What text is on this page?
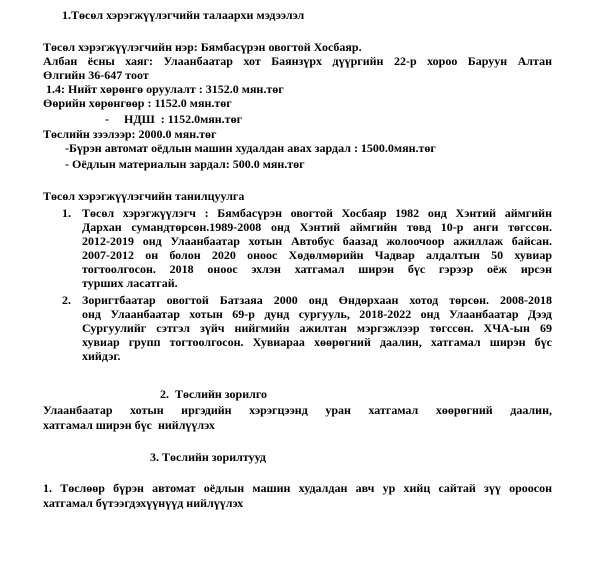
1.Төсөл хэрэгжүүлэгчийн талаархи мэдээлэл
Төсөл хэрэгжүүлэгчийн нэр: Бямбасүрэн овогтой Хосбаяр.
Албан ёсны хаяг: Улаанбаатар хот Баянзүрх дүүргийн 22-р хороо Баруун Алтан
Өлгийн 36-647 тоот
1.4: Нийт хөрөнгө оруулалт : 3152.0 мян.төг
Өөрийн хөрөнгөөр : 1152.0 мян.төг
-     НДШ  : 1152.0мян.төг
Төслийн зээлээр: 2000.0 мян.төг
-Бүрэн автомат оёдлын машин худалдан авах зардал : 1500.0мян.төг
- Оёдлын материалын зардал: 500.0 мян.төг
Төсөл хэрэгжүүлэгчийн танилцуулга
1. Төсөл хэрэгжүүлэгч : Бямбасүрэн овогтой Хосбаяр 1982 онд Хэнтий аймгийн
Дархан сумандтөрсөн.1989-2008 онд Хэнтий аймгийн төвд 10-р анги төгссөн.
2012-2019 онд Улаанбаатар хотын Автобус баазад жолоочоор ажиллаж байсан.
2007-2012 он болон 2020 оноос Хөдөлмөрийн Чадвар алдалтын 50 хувиар
тогтоолгосон. 2018 оноос эхлэн хатгамал ширэн бүс гэрээр оёж ирсэн
турших ласатгай.
2. Зоригтбаатар овогтой Батзаяа 2000 онд Өндөрхаан хотод төрсөн. 2008-2018
онд Улаанбаатар хотын 69-р дунд сургууль, 2018-2022 онд Улаанбаатар Дээд
Сургуулийг сэтгэл зүйч нийгмийн ажилтан мэргэжлээр төгссөн. ХЧА-ын 69
хувиар групп тогтоолгосон. Хувиараа хөөрөгний даалин, хатгамал ширэн бүс
хийдэг.
2.  Төслийн зорилго
Улаанбаатар хотын иргэдийн хэрэгцээнд уран хатгамал хөөрөгний даалин,
хатгамал ширэн бүс  нийлүүлэх
3. Төслийн зорилтууд
1. Төслөөр бүрэн автомат оёдлын машин худалдан авч ур хийц сайтай зүү ороосон
хатгамал бүтээгдэхүүнүүд нийлүүлэх
